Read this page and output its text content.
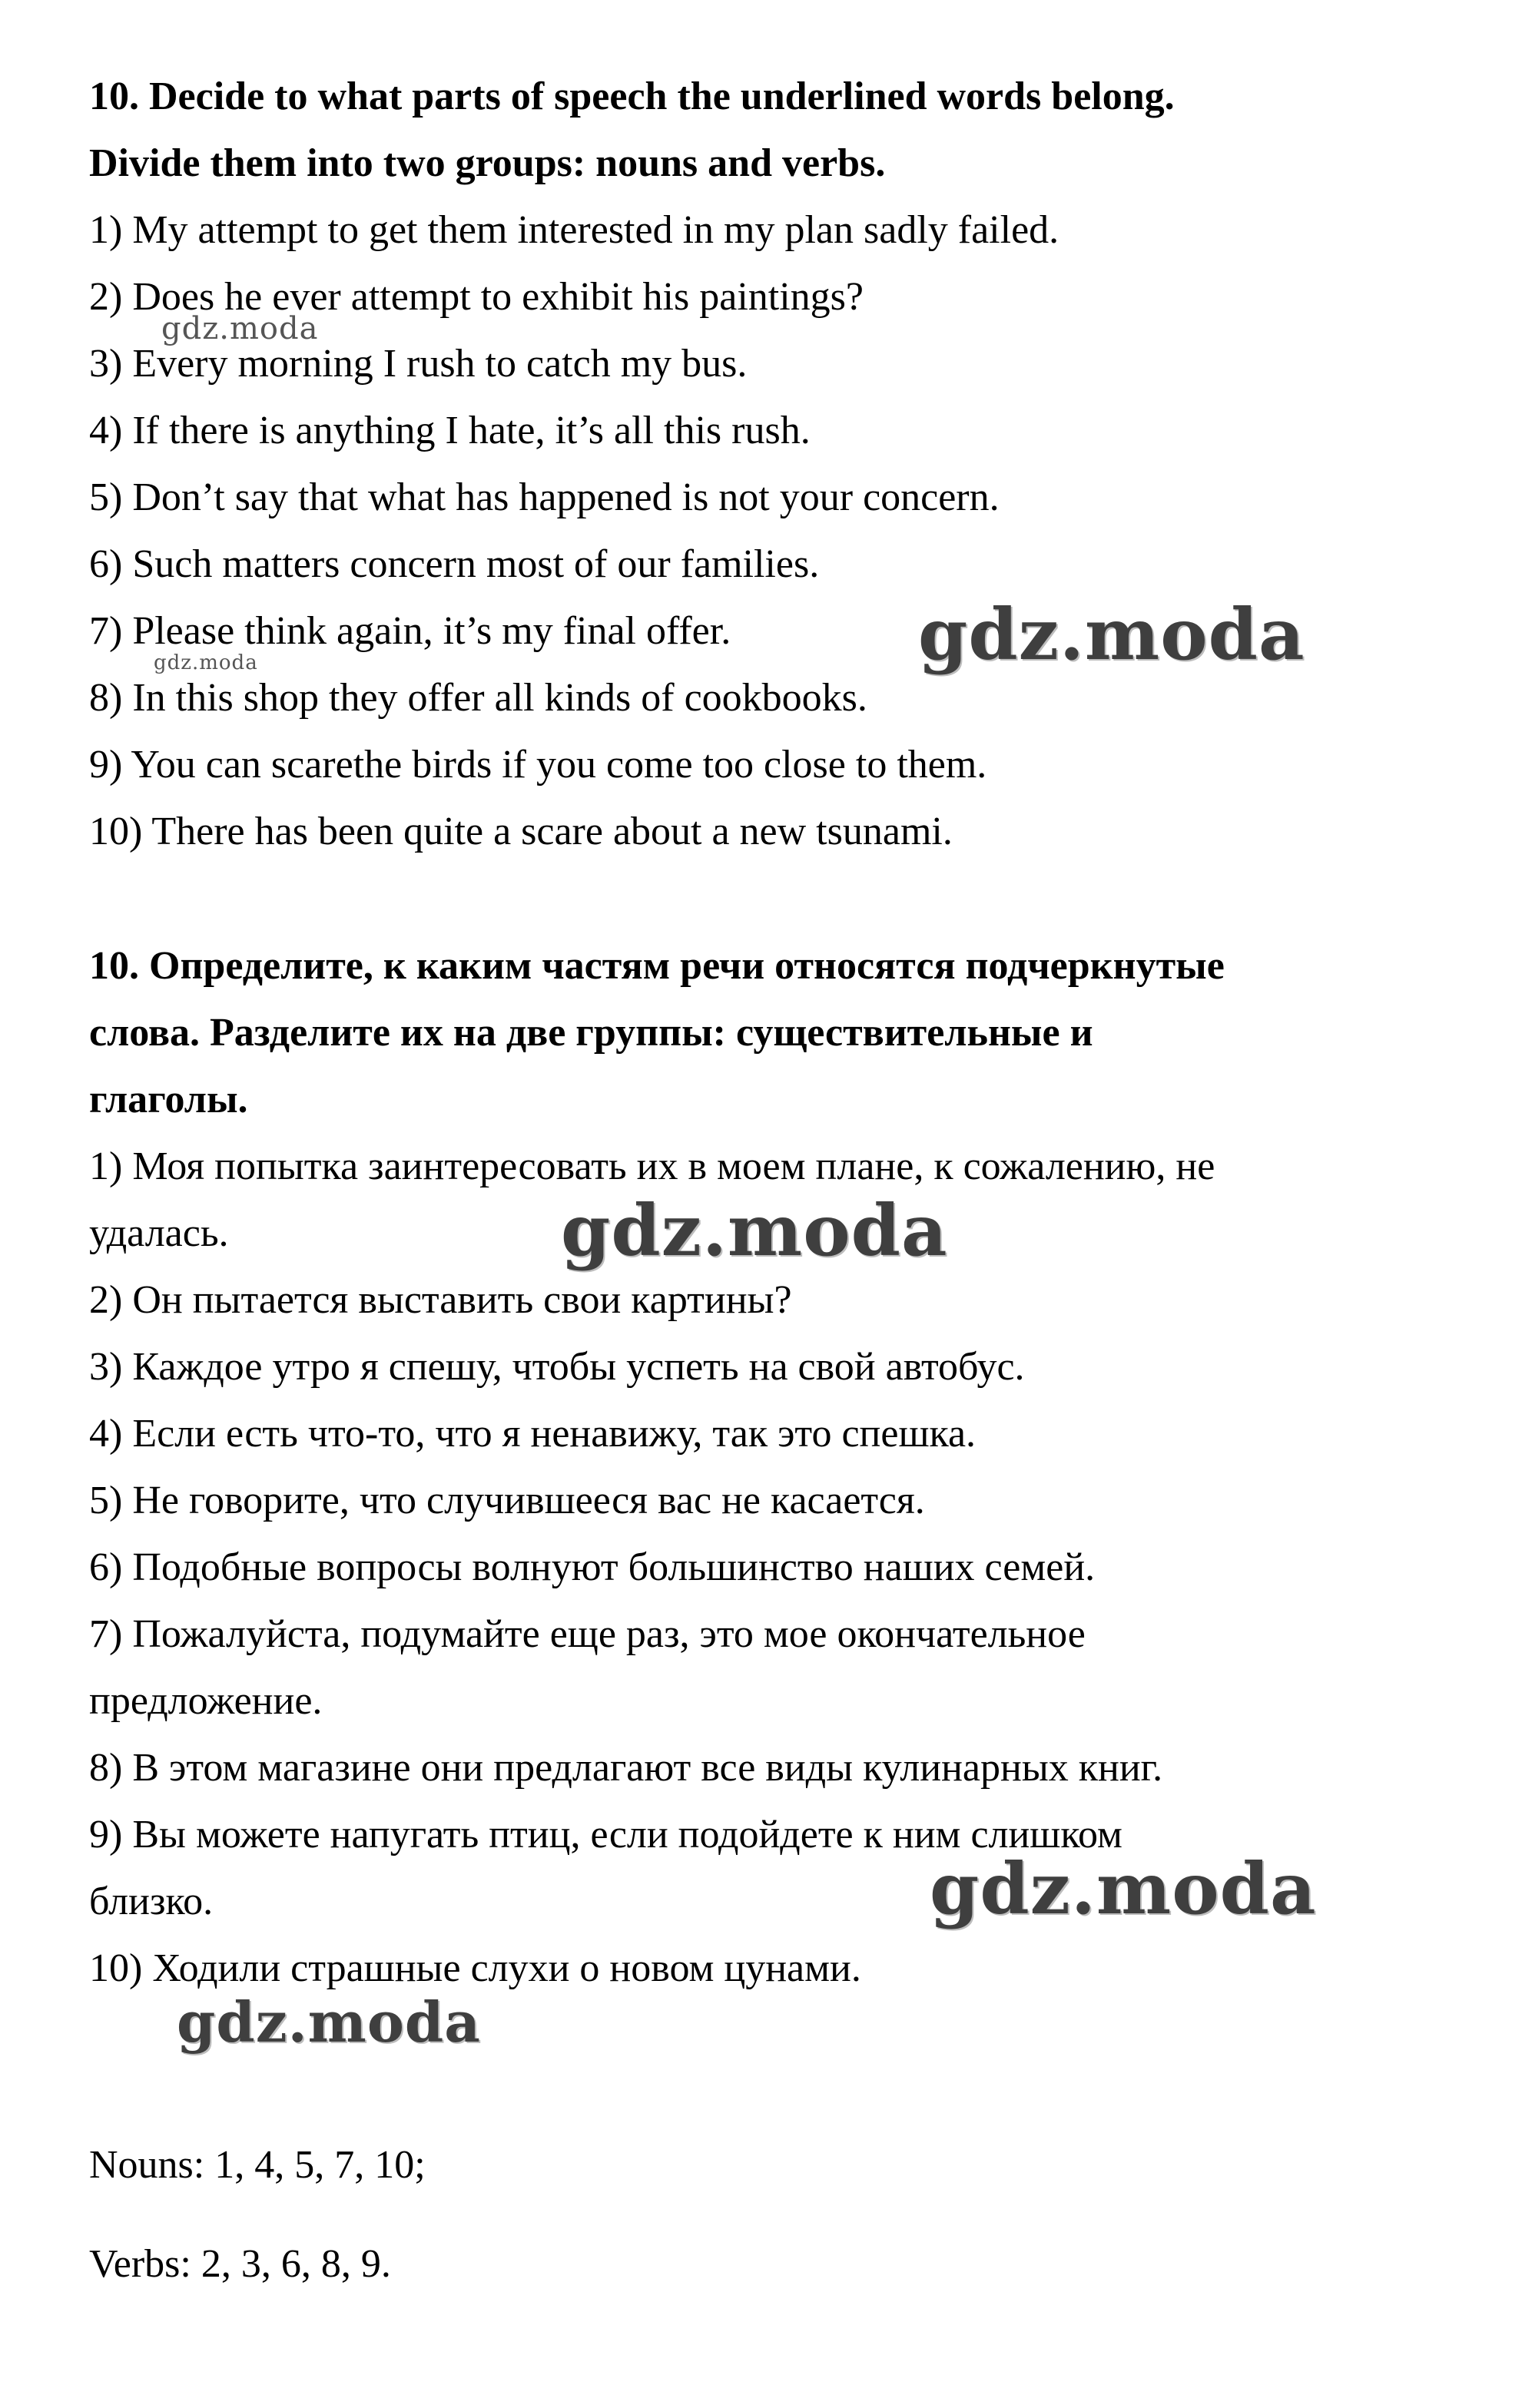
10. Decide to what parts of speech the underlined words belong.
Divide them into two groups: nouns and verbs.
1) My attempt to get them interested in my plan sadly failed.
2) Does he ever attempt to exhibit his paintings?
3) Every morning I rush to catch my bus.
4) If there is anything I hate, it’s all this rush.
5) Don’t say that what has happened is not your concern.
6) Such matters concern most of our families.
7) Please think again, it’s my final offer.
8) In this shop they offer all kinds of cookbooks.
9) You can scarethe birds if you come too close to them.
10) There has been quite a scare about a new tsunami.
10. Определите, к каким частям речи относятся подчеркнутые
слова. Разделите их на две группы: существительные и
глаголы.
1) Моя попытка заинтересовать их в моем плане, к сожалению, не
удалась.
2) Он пытается выставить свои картины?
3) Каждое утро я спешу, чтобы успеть на свой автобус.
4) Если есть что-то, что я ненавижу, так это спешка.
5) Не говорите, что случившееся вас не касается.
6) Подобные вопросы волнуют большинство наших семей.
7) Пожалуйста, подумайте еще раз, это мое окончательное
предложение.
8) В этом магазине они предлагают все виды кулинарных книг.
9) Вы можете напугать птиц, если подойдете к ним слишком
близко.
10) Ходили страшные слухи о новом цунами.
Nouns: 1, 4, 5, 7, 10;
Verbs: 2, 3, 6, 8, 9.
gdz.moda
gdz.moda	gdz.moda
gdz.moda
gdz.moda
gdz.moda
